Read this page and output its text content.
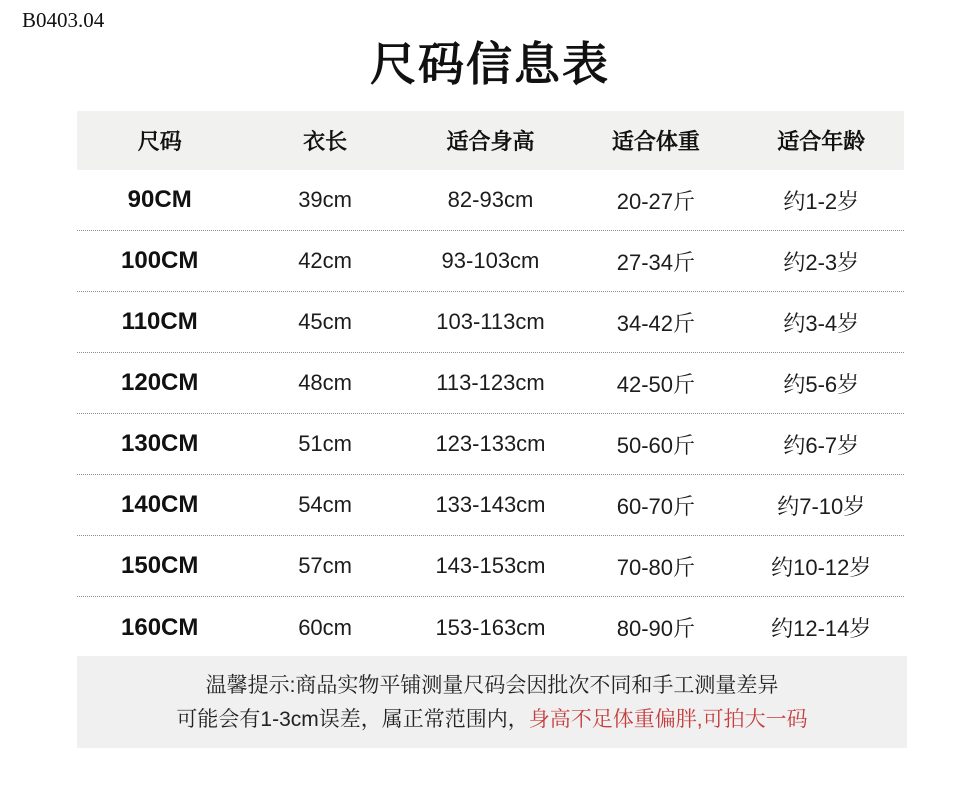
B0403.04
尺码信息表
尺码	衣长	适合身高	适合体重	适合年龄
90CM	39cm	82-93cm	20-27斤	约1-2岁
100CM	42cm	93-103cm	27-34斤	约2-3岁
110CM	45cm	103-113cm	34-42斤	约3-4岁
120CM	48cm	113-123cm	42-50斤	约5-6岁
130CM	51cm	123-133cm	50-60斤	约6-7岁
140CM	54cm	133-143cm	60-70斤	约7-10岁
150CM	57cm	143-153cm	70-80斤	约10-12岁
160CM	60cm	153-163cm	80-90斤	约12-14岁
温馨提示:商品实物平铺测量尺码会因批次不同和手工测量差异
可能会有1-3cm误差，属正常范围内，身高不足体重偏胖,可拍大一码
